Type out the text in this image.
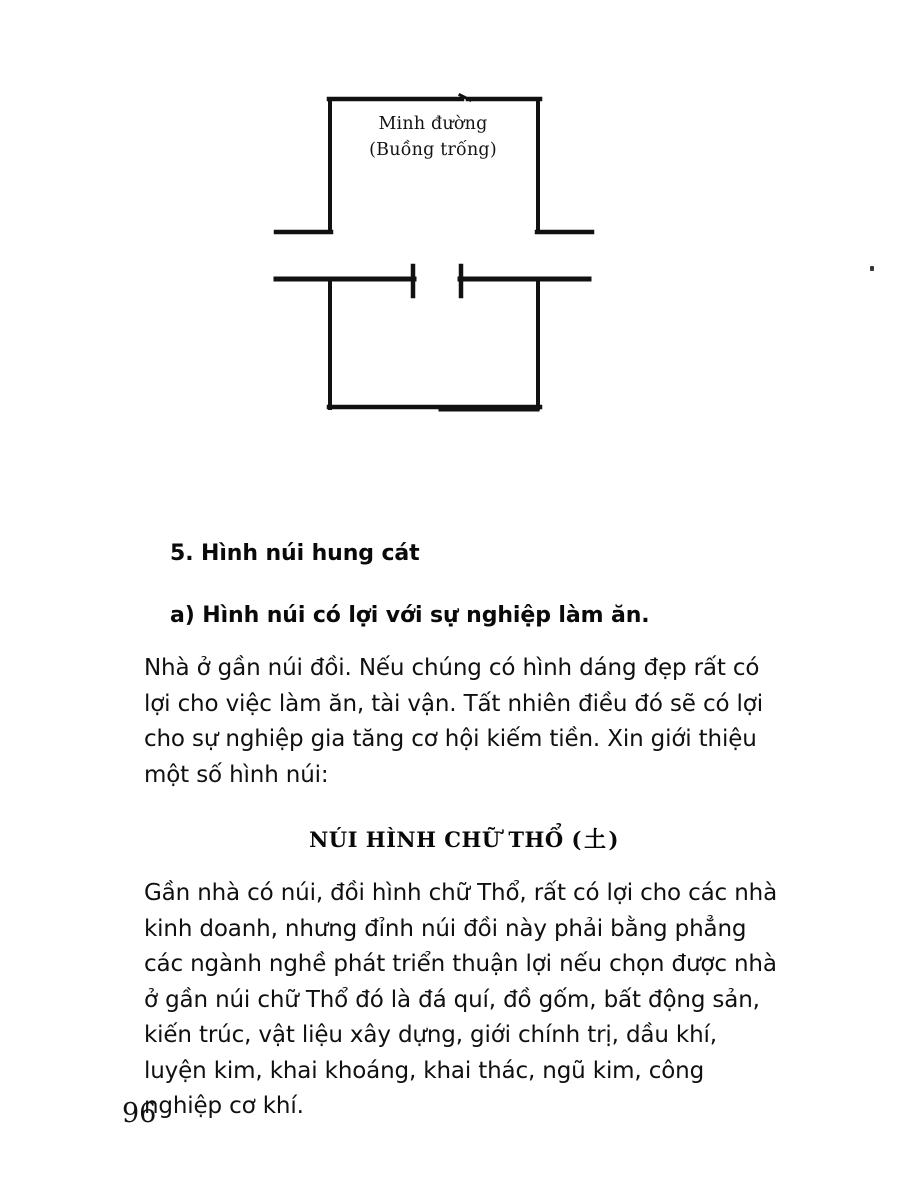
Minh đường
(Buồng trống)
5. Hình núi hung cát
a) Hình núi có lợi với sự nghiệp làm ăn.

Nhà ở gần núi đồi. Nếu chúng có hình dáng đẹp rất có lợi cho việc làm ăn, tài vận. Tất nhiên điều đó sẽ có lợi cho sự nghiệp gia tăng cơ hội kiếm tiền. Xin giới thiệu một số hình núi:

NÚI HÌNH CHỮ THỔ (土)

Gần nhà có núi, đồi hình chữ Thổ, rất có lợi cho các nhà kinh doanh, nhưng đỉnh núi đồi này phải bằng phẳng các ngành nghề phát triển thuận lợi nếu chọn được nhà ở gần núi chữ Thổ đó là đá quí, đồ gốm, bất động sản, kiến trúc, vật liệu xây dựng, giới chính trị, dầu khí, luyện kim, khai khoáng, khai thác, ngũ kim, công nghiệp cơ khí.

96
